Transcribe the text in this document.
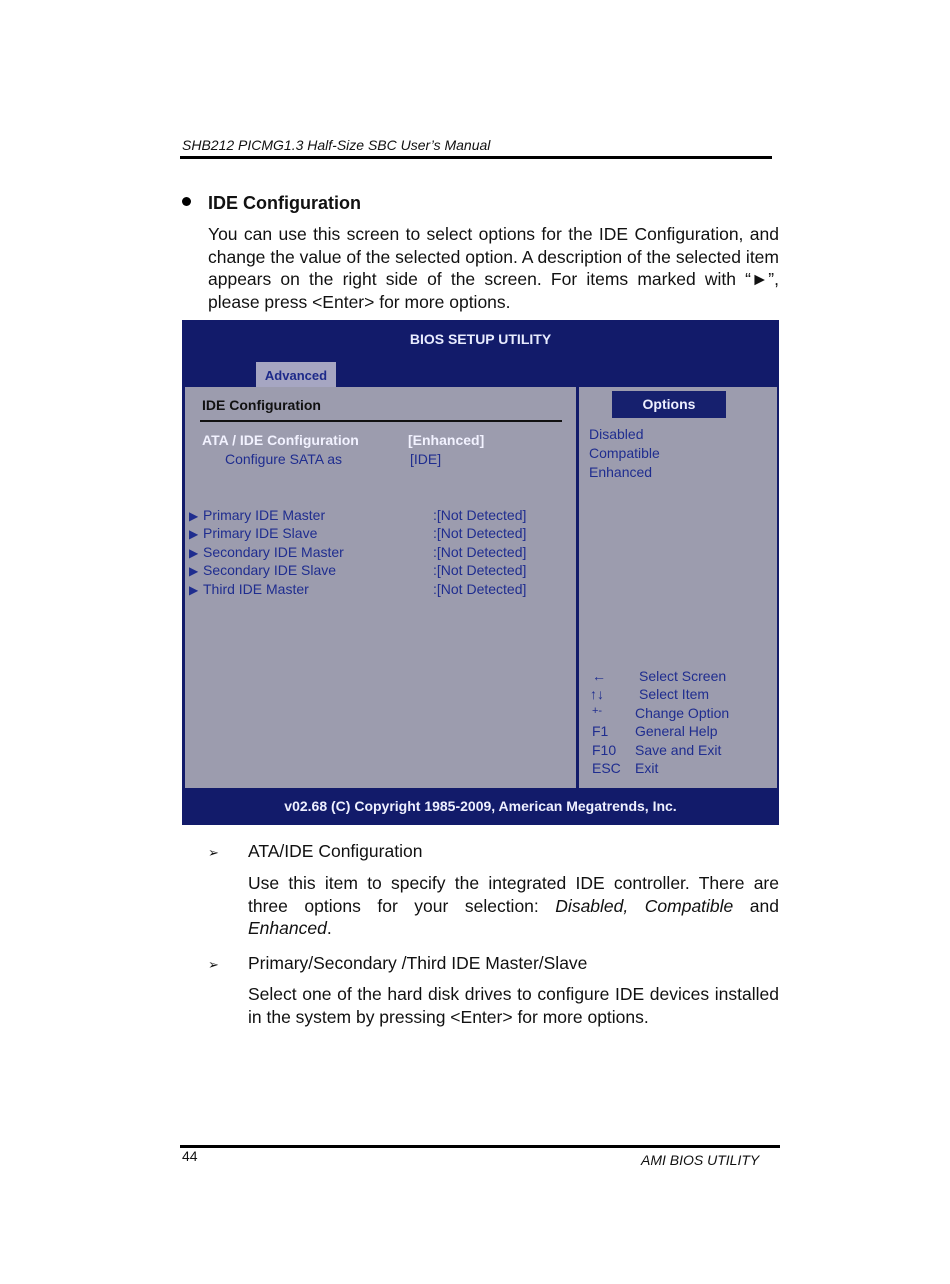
SHB212 PICMG1.3 Half-Size SBC User’s Manual
IDE Configuration
You can use this screen to select options for the IDE Configuration, and change the value of the selected option. A description of the selected item appears on the right side of the screen. For items marked with “►”, please press <Enter> for more options.
BIOS SETUP UTILITY
Advanced
IDE Configuration
ATA / IDE Configuration	[Enhanced]
Configure SATA as	[IDE]
▶ Primary IDE Master	:[Not Detected]
▶ Primary IDE Slave	:[Not Detected]
▶ Secondary IDE Master	:[Not Detected]
▶ Secondary IDE Slave	:[Not Detected]
▶ Third IDE Master	:[Not Detected]
Options
Disabled
Compatible
Enhanced
← Select Screen
↑↓	Select Item
+- Change Option
F1 General Help
F10 Save and Exit
ESC Exit
v02.68 (C) Copyright 1985-2009, American Megatrends, Inc.
➢ ATA/IDE Configuration
Use this item to specify the integrated IDE controller. There are three options for your selection: Disabled, Compatible and Enhanced.
➢ Primary/Secondary /Third IDE Master/Slave
Select one of the hard disk drives to configure IDE devices installed in the system by pressing <Enter> for more options.
44	AMI BIOS UTILITY
